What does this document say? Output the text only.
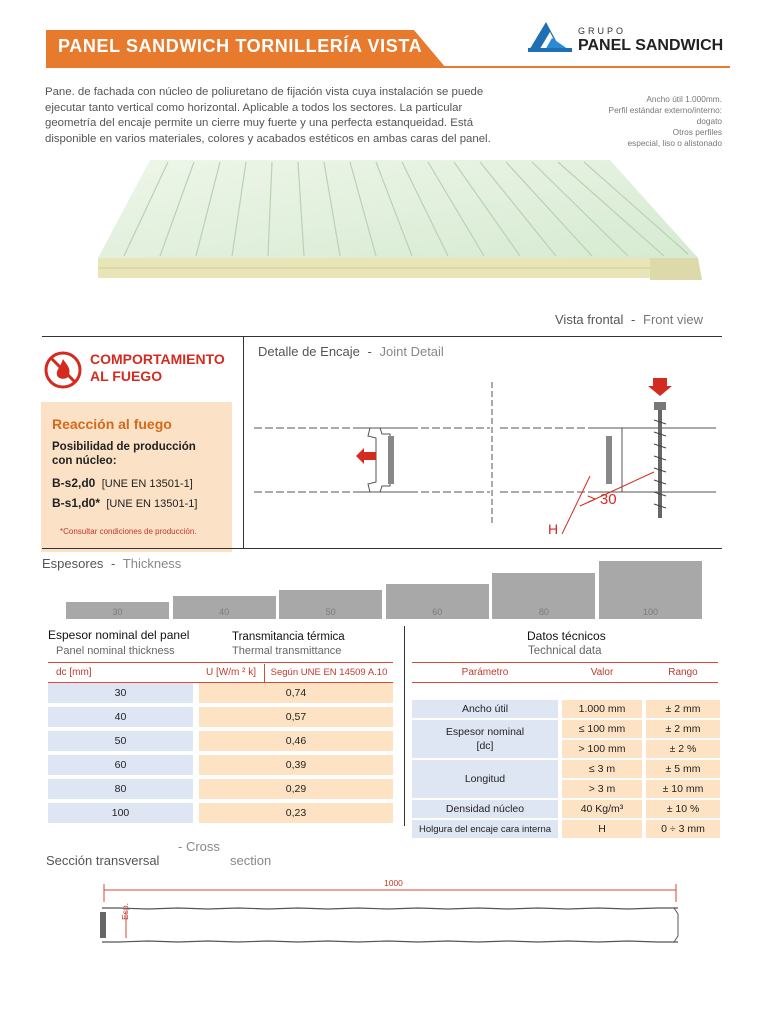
PANEL SANDWICH TORNILLERÍA VISTA
GRUPO
PANEL SANDWICH
Pane. de fachada con núcleo de poliuretano de fijación vista cuya instalación se puede
ejecutar tanto vertical como horizontal. Aplicable a todos los sectores. La particular
geometría del encaje permite un cierre muy fuerte y una perfecta estanqueidad. Está
disponible en varios materiales, colores y acabados estéticos en ambas caras del panel.
Ancho útil 1.000mm.
Perfil estándar externo/interno:
dogato
Otros perfiles
especial, liso o alistonado
Vista frontal - Front view
COMPORTAMIENTO
AL FUEGO
Reacción al fuego
Posibilidad de producción
con núcleo:
B-s2,d0 [UNE EN 13501-1]
B-s1,d0* [UNE EN 13501-1]
*Consultar condiciones de producción.
Detalle de Encaje - Joint Detail
> 30
H
Espesores - Thickness
30	40	50	60	80	100
Espesor nominal del panel
Panel nominal thickness
Transmitancia térmica
Thermal transmittance
dc [mm]	U [W/m ² k]	Según UNE EN 14509 A.10
30	0,74
40	0,57
50	0,46
60	0,39
80	0,29
100	0,23
Datos técnicos
Technical data
Parámetro	Valor	Rango
Ancho útil	1.000 mm	± 2 mm
Espesor nominal
[dc]
≤ 100 mm	± 2 mm
> 100 mm	± 2 %
Longitud
≤ 3 m	± 5 mm
> 3 m	± 10 mm
Densidad núcleo	40 Kg/m³	± 10 %
Holgura del encaje cara interna	H	0 ÷ 3 mm
Sección transversal
- Cross
section
1000
Esp.
